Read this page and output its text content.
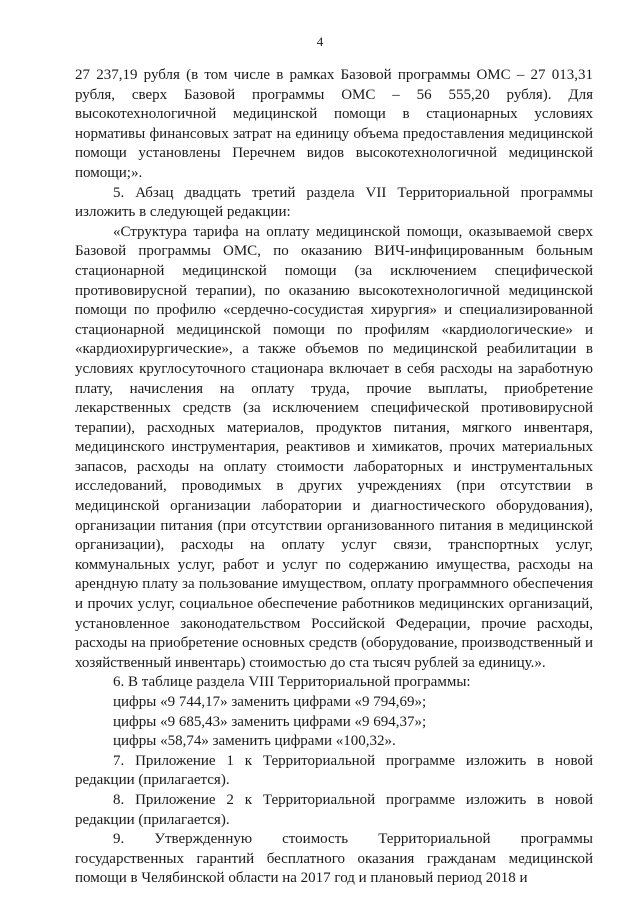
4

27 237,19 рубля (в том числе в рамках Базовой программы ОМС – 27 013,31 рубля, сверх Базовой программы ОМС – 56 555,20 рубля). Для высокотехнологичной медицинской помощи в стационарных условиях нормативы финансовых затрат на единицу объема предоставления медицинской помощи установлены Перечнем видов высокотехнологичной медицинской помощи;».

5. Абзац двадцать третий раздела VII Территориальной программы изложить в следующей редакции:

«Структура тарифа на оплату медицинской помощи, оказываемой сверх Базовой программы ОМС, по оказанию ВИЧ-инфицированным больным стационарной медицинской помощи (за исключением специфической противовирусной терапии), по оказанию высокотехнологичной медицинской помощи по профилю «сердечно-сосудистая хирургия» и специализированной стационарной медицинской помощи по профилям «кардиологические» и «кардиохирургические», а также объемов по медицинской реабилитации в условиях круглосуточного стационара включает в себя расходы на заработную плату, начисления на оплату труда, прочие выплаты, приобретение лекарственных средств (за исключением специфической противовирусной терапии), расходных материалов, продуктов питания, мягкого инвентаря, медицинского инструментария, реактивов и химикатов, прочих материальных запасов, расходы на оплату стоимости лабораторных и инструментальных исследований, проводимых в других учреждениях (при отсутствии в медицинской организации лаборатории и диагностического оборудования), организации питания (при отсутствии организованного питания в медицинской организации), расходы на оплату услуг связи, транспортных услуг, коммунальных услуг, работ и услуг по содержанию имущества, расходы на арендную плату за пользование имуществом, оплату программного обеспечения и прочих услуг, социальное обеспечение работников медицинских организаций, установленное законодательством Российской Федерации, прочие расходы, расходы на приобретение основных средств (оборудование, производственный и хозяйственный инвентарь) стоимостью до ста тысяч рублей за единицу.».

6. В таблице раздела VIII Территориальной программы:

цифры «9 744,17» заменить цифрами «9 794,69»;

цифры «9 685,43» заменить цифрами «9 694,37»;

цифры «58,74» заменить цифрами «100,32».

7. Приложение 1 к Территориальной программе изложить в новой редакции (прилагается).

8. Приложение 2 к Территориальной программе изложить в новой редакции (прилагается).

9. Утвержденную стоимость Территориальной программы государственных гарантий бесплатного оказания гражданам медицинской помощи в Челябинской области на 2017 год и плановый период 2018 и
